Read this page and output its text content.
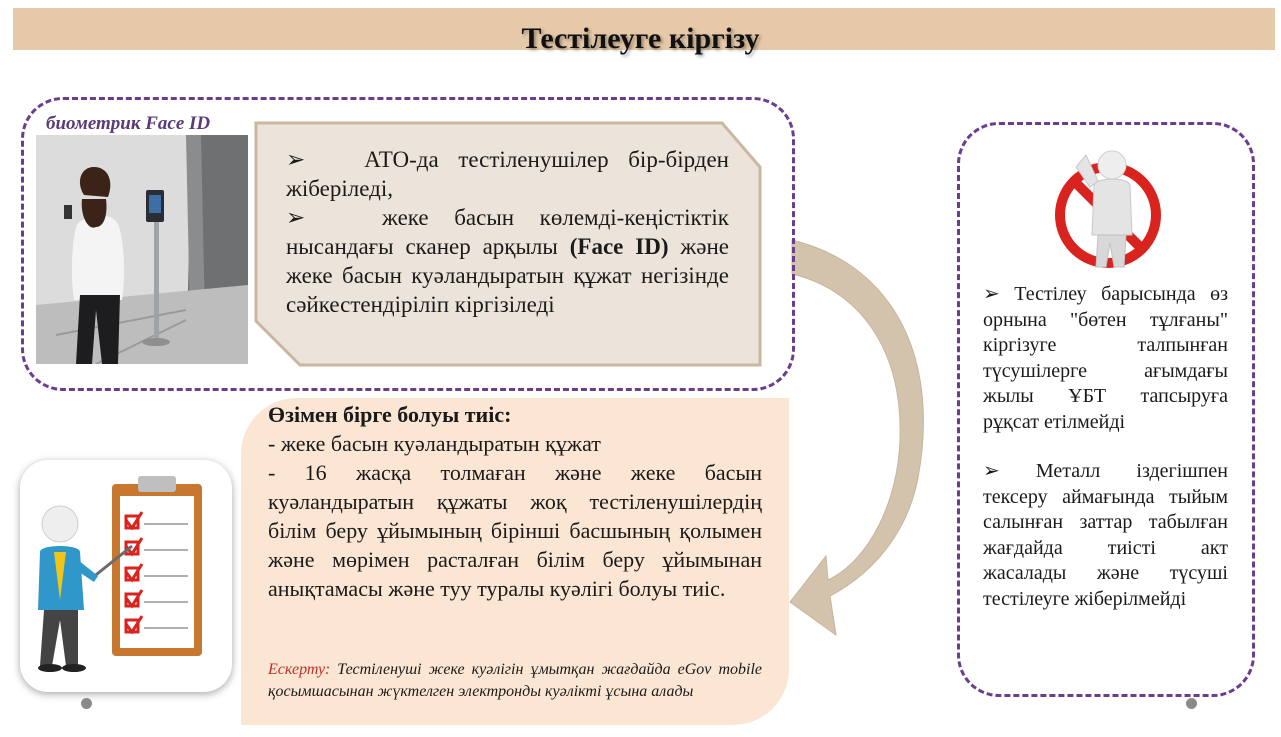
Тестілеуге кіргізу
биометрик Face ID
➢   АТО-да тестіленушілер бір-бірден жіберіледі,
➢   жеке басын көлемді-кеңістіктік нысандағы сканер арқылы (Face ID) және жеке басын куәландыратын құжат негізінде сәйкестендіріліп кіргізіледі
Өзімен бірге болуы тиіс:
- жеке басын куәландыратын құжат
- 16 жасқа толмаған және жеке басын куәландыратын құжаты жоқ тестіленушілердің білім беру ұйымының бірінші басшының қолымен және мөрімен расталған білім беру ұйымынан анықтамасы және туу туралы куәлігі болуы тиіс.
Ескерту: Тестіленуші жеке куәлігін ұмытқан жағдайда eGov mobile қосымшасынан жүктелген электронды куәлікті ұсына алады

➢ Тестілеу барысында өз орнына "бөтен тұлғаны" кіргізуге талпынған түсушілерге ағымдағы жылы ҰБТ тапсыруға рұқсат етілмейді

➢ Металл іздегішпен тексеру аймағында тыйым салынған заттар табылған жағдайда тиісті акт жасалады және түсуші тестілеуге жіберілмейді
